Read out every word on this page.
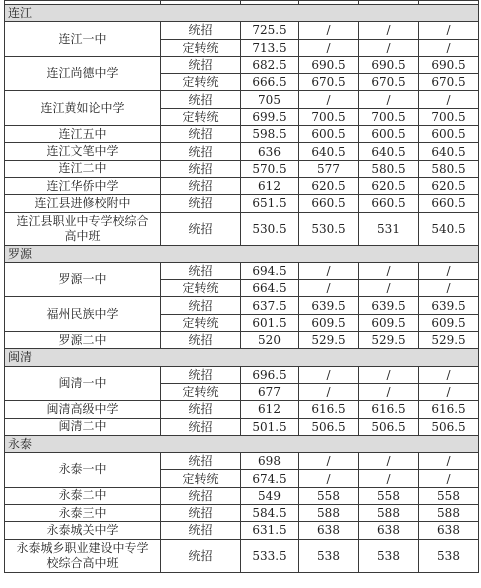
连江					
连江一中	统招	725.5	/	/	/
	定转统	713.5	/	/	/
连江尚德中学	统招	682.5	690.5	690.5	690.5
	定转统	666.5	670.5	670.5	670.5
连江黄如论中学	统招	705	/	/	/
	定转统	699.5	700.5	700.5	700.5
连江五中	统招	598.5	600.5	600.5	600.5
连江文笔中学	统招	636	640.5	640.5	640.5
连江二中	统招	570.5	577	580.5	580.5
连江华侨中学	统招	612	620.5	620.5	620.5
连江县进修校附中	统招	651.5	660.5	660.5	660.5
连江县职业中专学校综合高中班	统招	530.5	530.5	531	540.5
罗源					
罗源一中	统招	694.5	/	/	/
	定转统	664.5	/	/	/
福州民族中学	统招	637.5	639.5	639.5	639.5
	定转统	601.5	609.5	609.5	609.5
罗源二中	统招	520	529.5	529.5	529.5
闽清					
闽清一中	统招	696.5	/	/	/
	定转统	677	/	/	/
闽清高级中学	统招	612	616.5	616.5	616.5
闽清二中	统招	501.5	506.5	506.5	506.5
永泰					
永泰一中	统招	698	/	/	/
	定转统	674.5	/	/	/
永泰二中	统招	549	558	558	558
永泰三中	统招	584.5	588	588	588
永泰城关中学	统招	631.5	638	638	638
永泰城乡职业建设中专学校综合高中班	统招	533.5	538	538	538
